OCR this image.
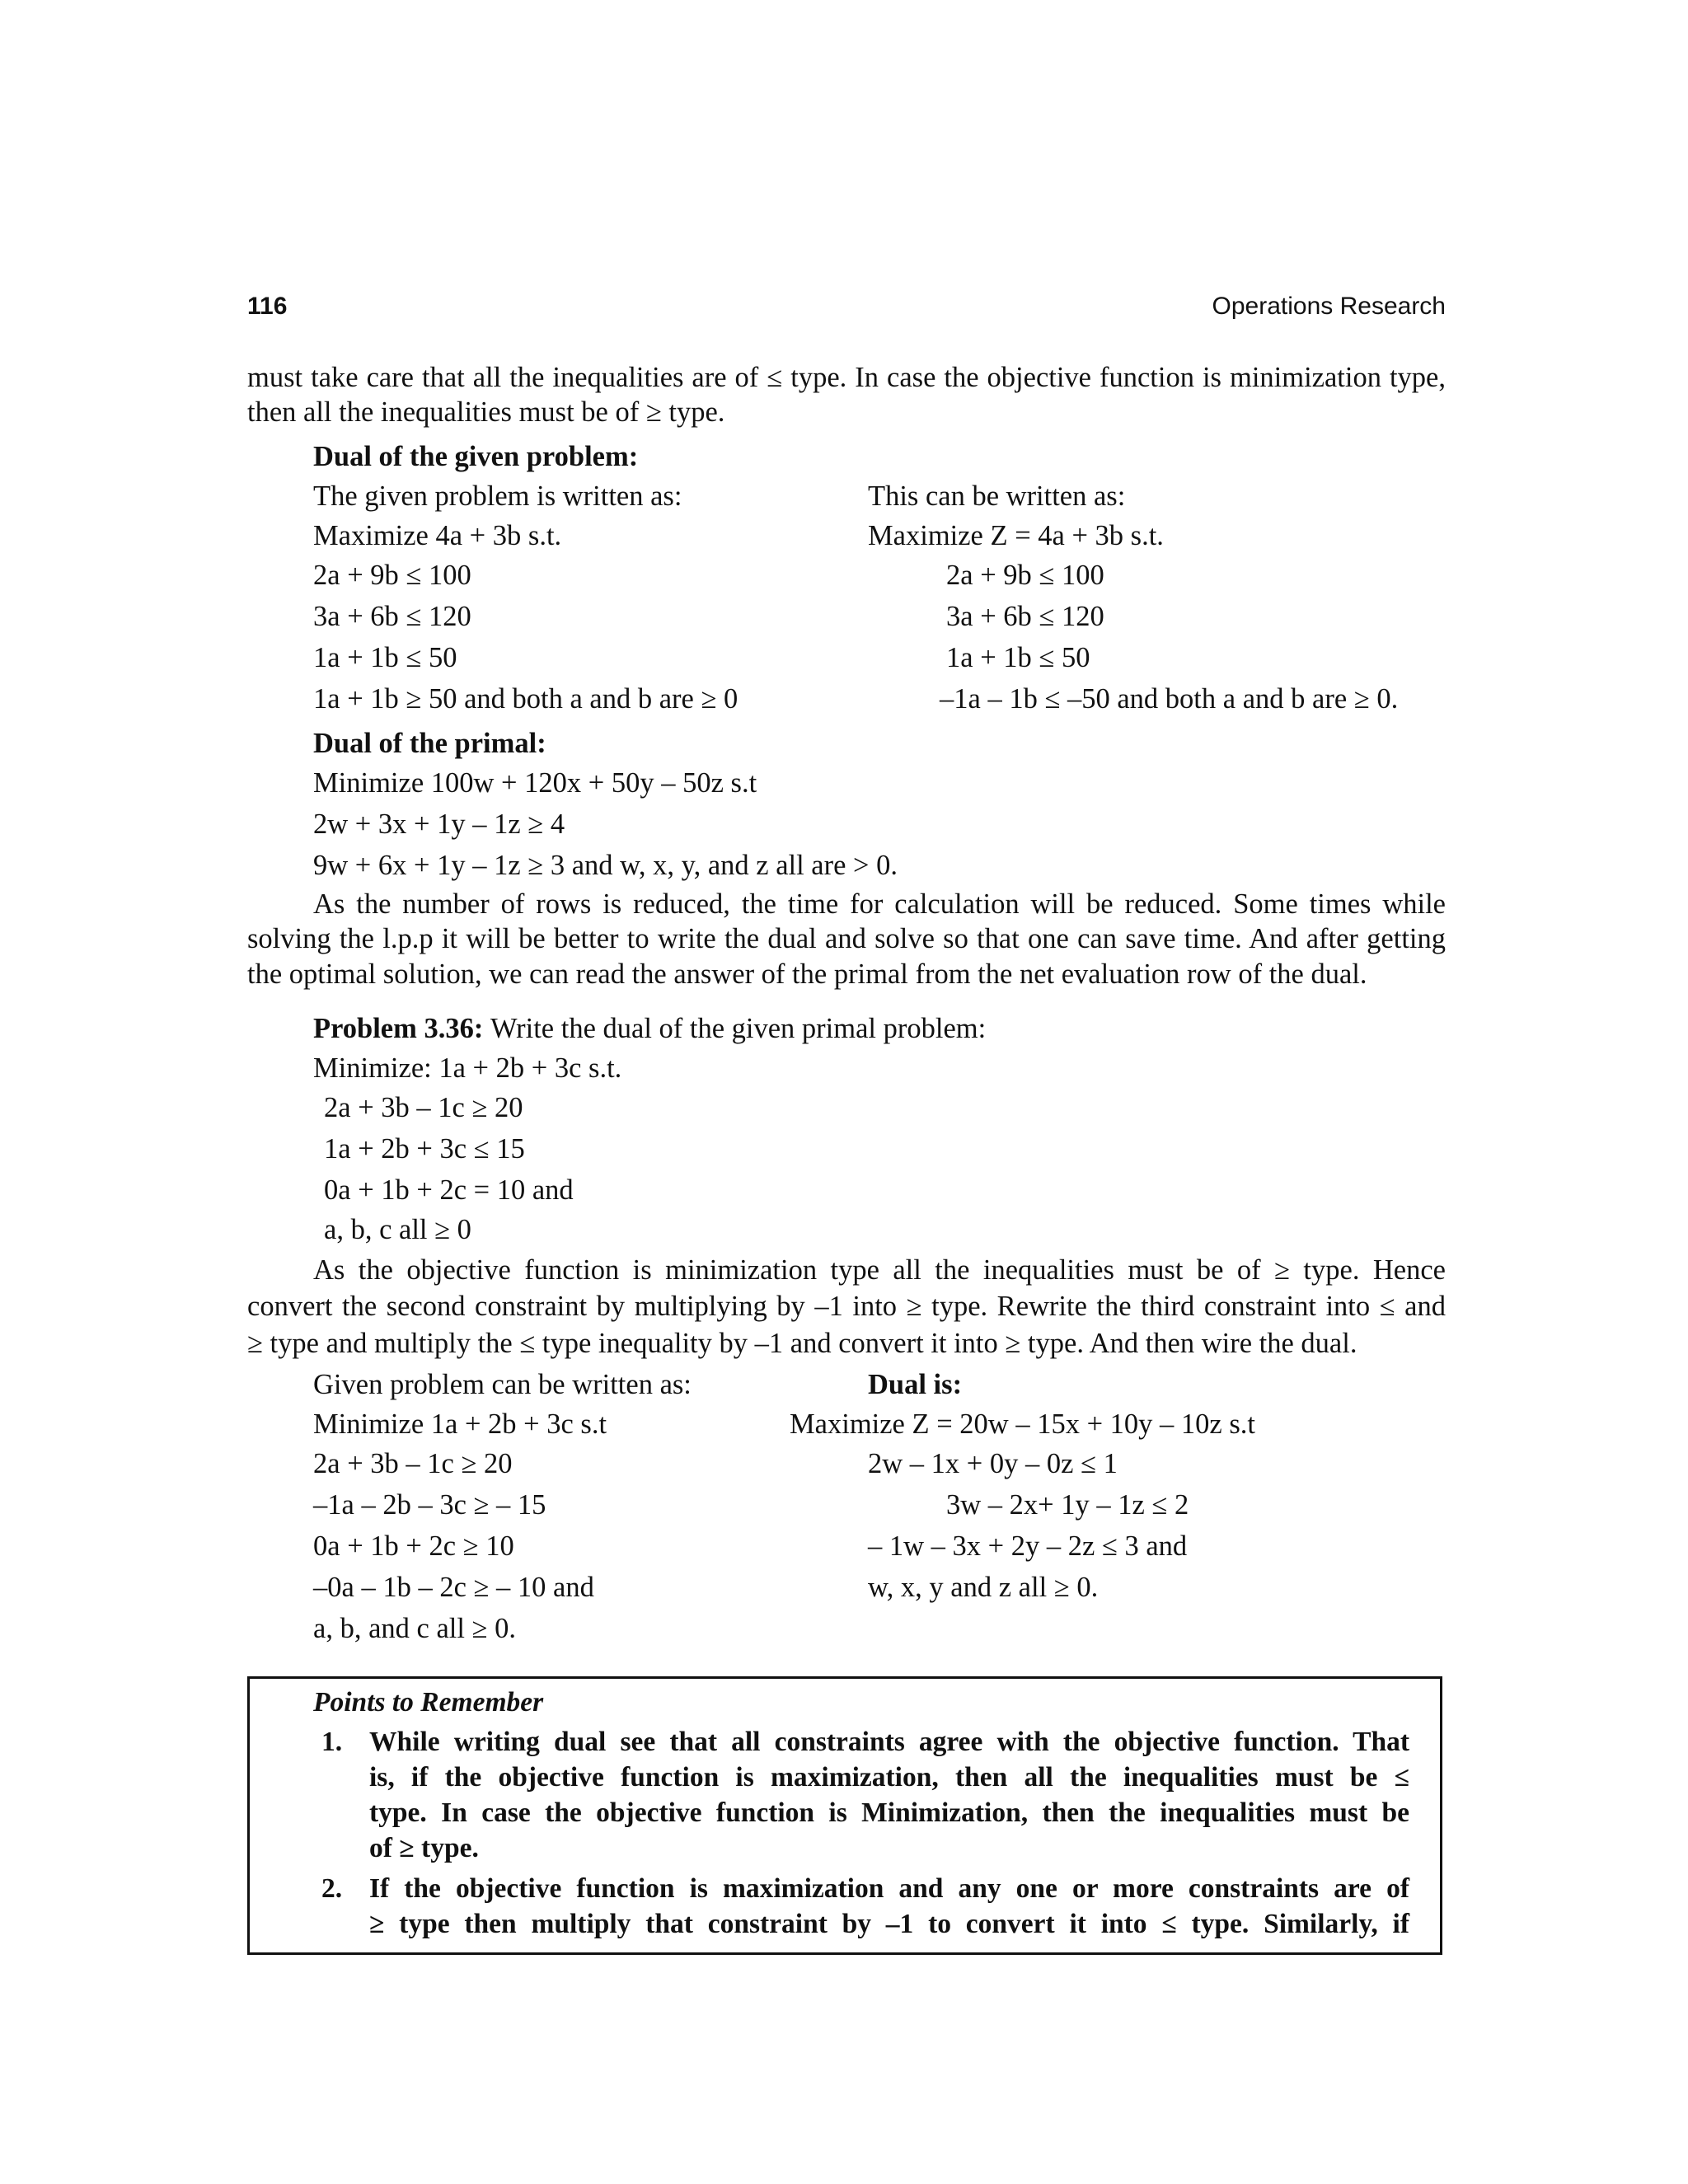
116	Operations Research
must take care that all the inequalities are of ≤ type. In case the objective function is minimization type,
then all the inequalities must be of ≥ type.
Dual of the given problem:
The given problem is written as:
Maximize 4a + 3b s.t.
2a + 9b ≤ 100
3a + 6b ≤ 120
1a + 1b ≤ 50
1a + 1b ≥ 50 and both a and b are ≥ 0
This can be written as:
Maximize Z = 4a + 3b s.t.
2a + 9b ≤ 100
3a + 6b ≤ 120
1a + 1b ≤ 50
–1a – 1b ≤ –50 and both a and b are ≥ 0.
Dual of the primal:
Minimize 100w + 120x + 50y – 50z s.t
2w + 3x + 1y – 1z ≥ 4
9w + 6x + 1y – 1z ≥ 3 and w, x, y, and z all are > 0.
As the number of rows is reduced, the time for calculation will be reduced. Some times while
solving the l.p.p it will be better to write the dual and solve so that one can save time. And after getting
the optimal solution, we can read the answer of the primal from the net evaluation row of the dual.
Problem 3.36: Write the dual of the given primal problem:
Minimize: 1a + 2b + 3c s.t.
2a + 3b – 1c ≥ 20
1a + 2b + 3c ≤ 15
0a + 1b + 2c = 10 and
a, b, c all ≥ 0
As the objective function is minimization type all the inequalities must be of ≥ type. Hence
convert the second constraint by multiplying by –1 into ≥ type. Rewrite the third constraint into ≤ and
≥ type and multiply the ≤ type inequality by –1 and convert it into ≥ type. And then wire the dual.
Given problem can be written as:	Dual is:
Minimize 1a + 2b + 3c s.t
2a + 3b – 1c ≥ 20
–1a – 2b – 3c ≥ – 15
0a + 1b + 2c ≥ 10
–0a – 1b – 2c ≥ – 10 and
a, b, and c all ≥ 0.
Maximize Z = 20w – 15x + 10y – 10z s.t
2w – 1x + 0y – 0z ≤ 1
3w – 2x+ 1y – 1z ≤ 2
– 1w – 3x + 2y – 2z ≤ 3 and
w, x, y and z all ≥ 0.
Points to Remember
1. While writing dual see that all constraints agree with the objective function. That
is, if the objective function is maximization, then all the inequalities must be ≤
type. In case the objective function is Minimization, then the inequalities must be
of ≥ type.
2. If the objective function is maximization and any one or more constraints are of
≥ type then multiply that constraint by –1 to convert it into ≤ type. Similarly, if
